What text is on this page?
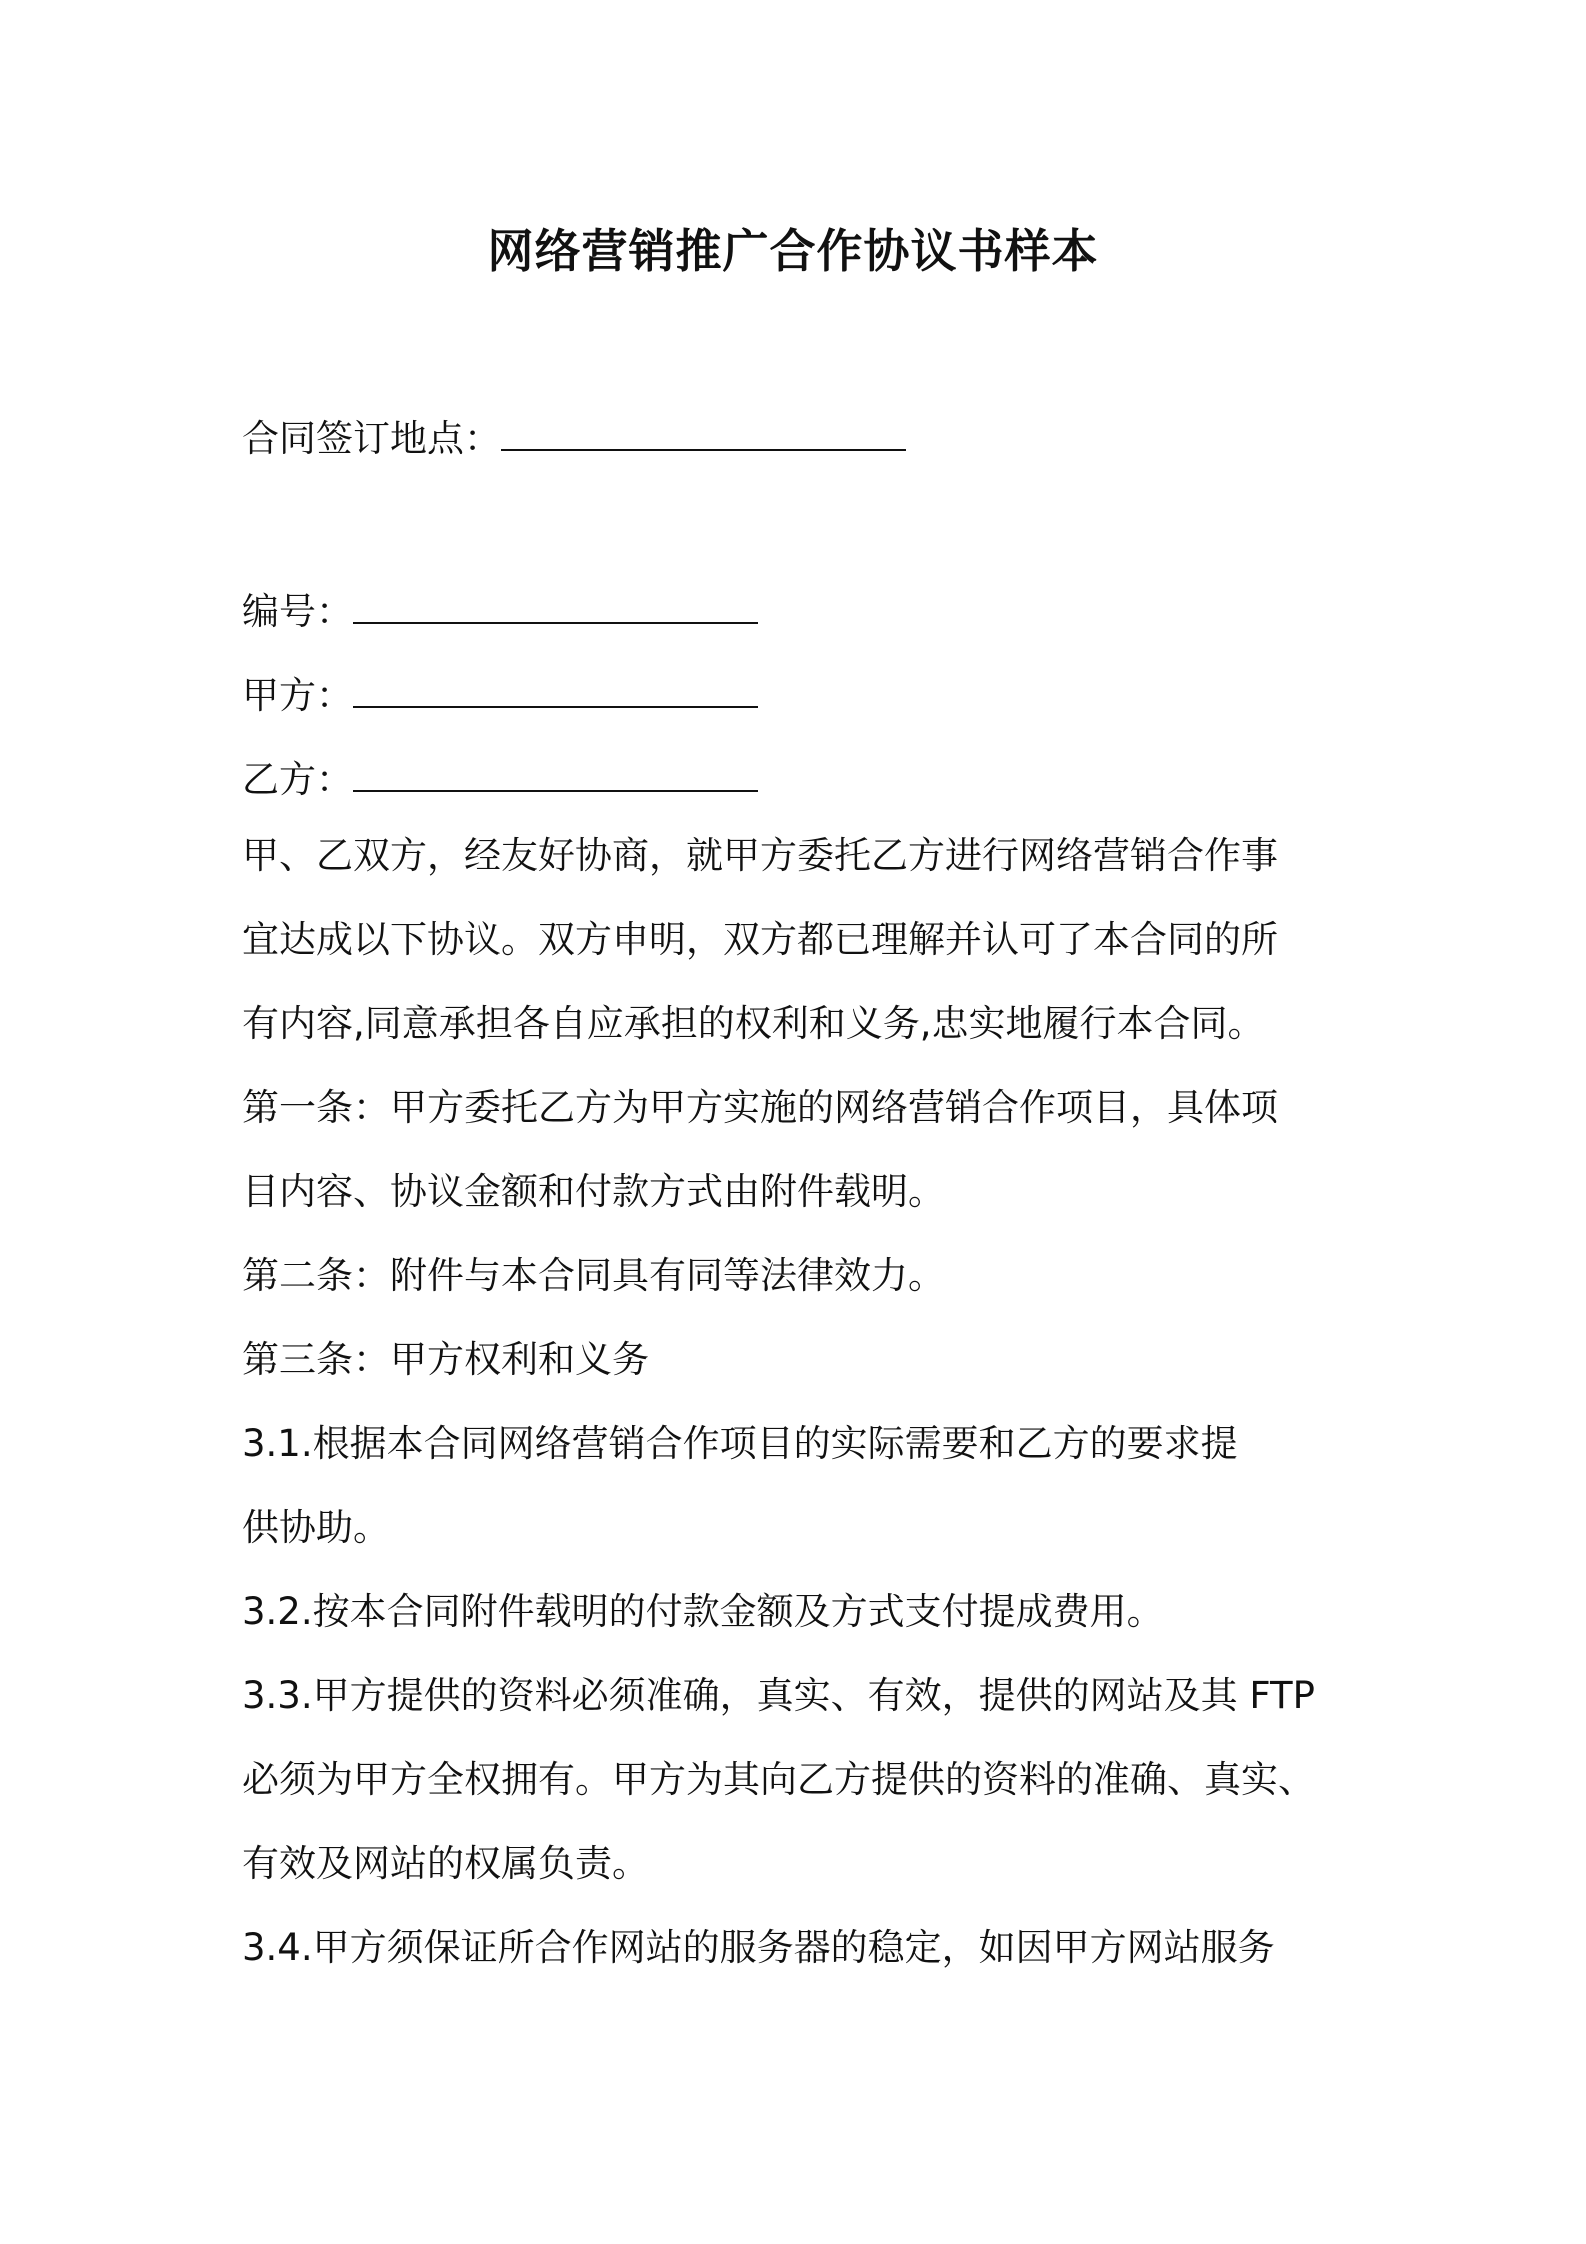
网络营销推广合作协议书样本
合同签订地点：
编号：
甲方：
乙方：
甲、乙双方，经友好协商，就甲方委托乙方进行网络营销合作事
宜达成以下协议。双方申明，双方都已理解并认可了本合同的所
有内容,同意承担各自应承担的权利和义务,忠实地履行本合同。
第一条：甲方委托乙方为甲方实施的网络营销合作项目，具体项
目内容、协议金额和付款方式由附件载明。
第二条：附件与本合同具有同等法律效力。
第三条：甲方权利和义务
3.1.根据本合同网络营销合作项目的实际需要和乙方的要求提
供协助。
3.2.按本合同附件载明的付款金额及方式支付提成费用。
3.3.甲方提供的资料必须准确，真实、有效，提供的网站及其 FTP
必须为甲方全权拥有。甲方为其向乙方提供的资料的准确、真实、
有效及网站的权属负责。
3.4.甲方须保证所合作网站的服务器的稳定，如因甲方网站服务
